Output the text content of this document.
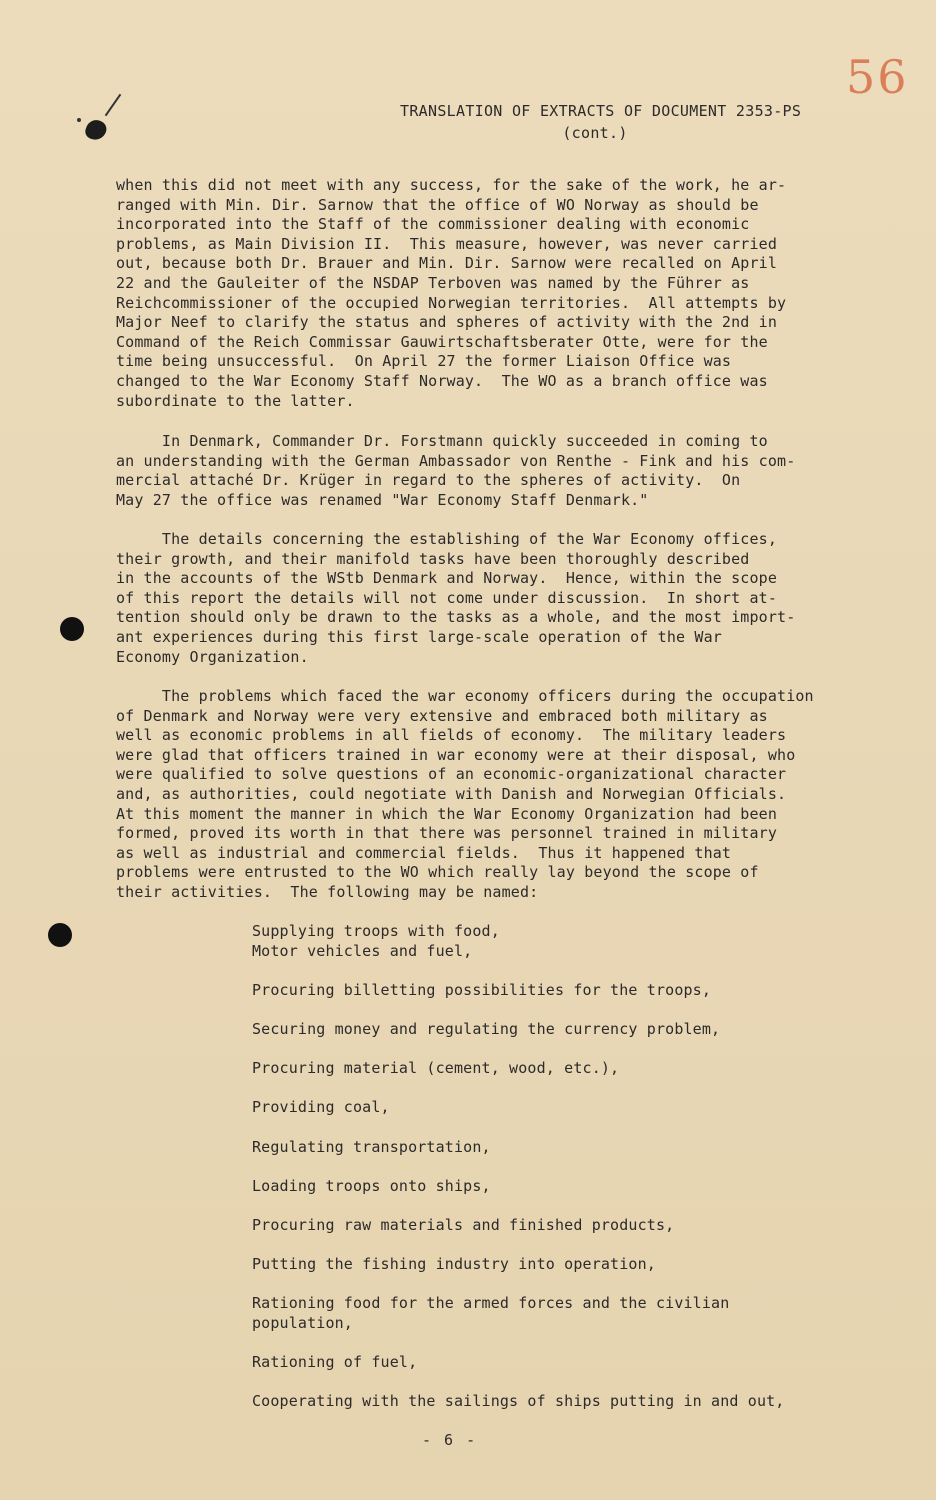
56
TRANSLATION OF EXTRACTS OF DOCUMENT 2353-PS
(cont.)
when this did not meet with any success, for the sake of the work, he ar-
ranged with Min. Dir. Sarnow that the office of WO Norway as should be
incorporated into the Staff of the commissioner dealing with economic
problems, as Main Division II.  This measure, however, was never carried
out, because both Dr. Brauer and Min. Dir. Sarnow were recalled on April
22 and the Gauleiter of the NSDAP Terboven was named by the Führer as
Reichcommissioner of the occupied Norwegian territories.  All attempts by
Major Neef to clarify the status and spheres of activity with the 2nd in
Command of the Reich Commissar Gauwirtschaftsberater Otte, were for the
time being unsuccessful.  On April 27 the former Liaison Office was
changed to the War Economy Staff Norway.  The WO as a branch office was
subordinate to the latter.
In Denmark, Commander Dr. Forstmann quickly succeeded in coming to
an understanding with the German Ambassador von Renthe - Fink and his com-
mercial attaché Dr. Krüger in regard to the spheres of activity.  On
May 27 the office was renamed "War Economy Staff Denmark."
The details concerning the establishing of the War Economy offices,
their growth, and their manifold tasks have been thoroughly described
in the accounts of the WStb Denmark and Norway.  Hence, within the scope
of this report the details will not come under discussion.  In short at-
tention should only be drawn to the tasks as a whole, and the most import-
ant experiences during this first large-scale operation of the War
Economy Organization.
The problems which faced the war economy officers during the occupation
of Denmark and Norway were very extensive and embraced both military as
well as economic problems in all fields of economy.  The military leaders
were glad that officers trained in war economy were at their disposal, who
were qualified to solve questions of an economic-organizational character
and, as authorities, could negotiate with Danish and Norwegian Officials.
At this moment the manner in which the War Economy Organization had been
formed, proved its worth in that there was personnel trained in military
as well as industrial and commercial fields.  Thus it happened that
problems were entrusted to the WO which really lay beyond the scope of
their activities.  The following may be named:
Supplying troops with food,
Motor vehicles and fuel,
Procuring billetting possibilities for the troops,
Securing money and regulating the currency problem,
Procuring material (cement, wood, etc.),
Providing coal,
Regulating transportation,
Loading troops onto ships,
Procuring raw materials and finished products,
Putting the fishing industry into operation,
Rationing food for the armed forces and the civilian
population,
Rationing of fuel,
Cooperating with the sailings of ships putting in and out,
- 6 -
